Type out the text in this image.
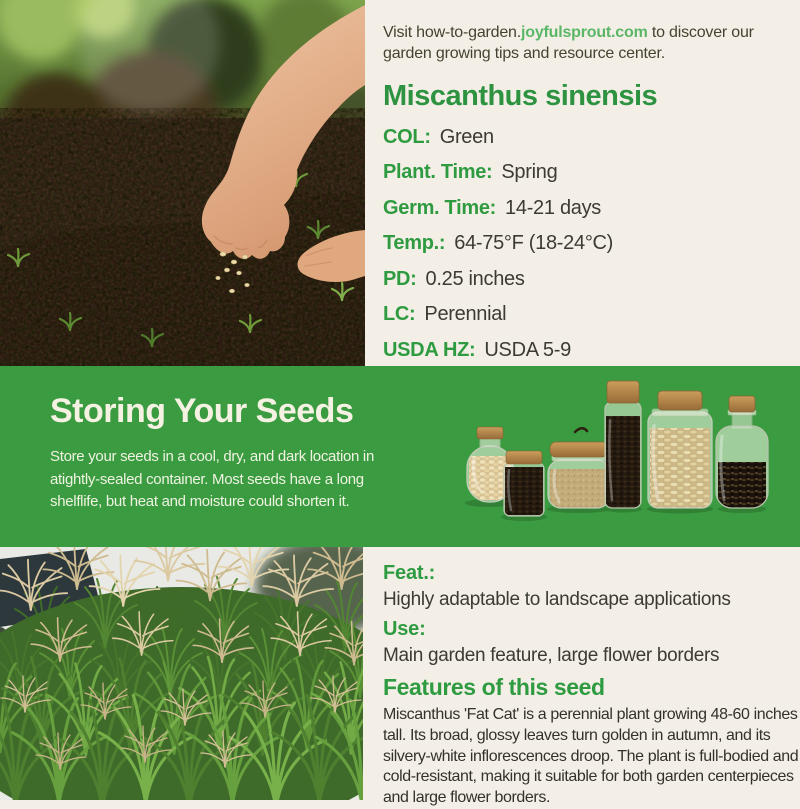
Visit how-to-garden.joyfulsprout.com to discover our garden growing tips and resource center.

Miscanthus sinensis
COL: Green
Plant. Time: Spring
Germ. Time: 14-21 days
Temp.: 64-75°F (18-24°C)
PD: 0.25 inches
LC: Perennial
USDA HZ: USDA 5-9
Storing Your Seeds

Store your seeds in a cool, dry, and dark location in atightly-sealed container. Most seeds have a long shelflife, but heat and moisture could shorten it.

Feat.:
Highly adaptable to landscape applications
Use:
Main garden feature, large flower borders
Features of this seed

Miscanthus 'Fat Cat' is a perennial plant growing 48-60 inches tall. Its broad, glossy leaves turn golden in autumn, and its silvery-white inflorescences droop. The plant is full-bodied and cold-resistant, making it suitable for both garden centerpieces and large flower borders.
